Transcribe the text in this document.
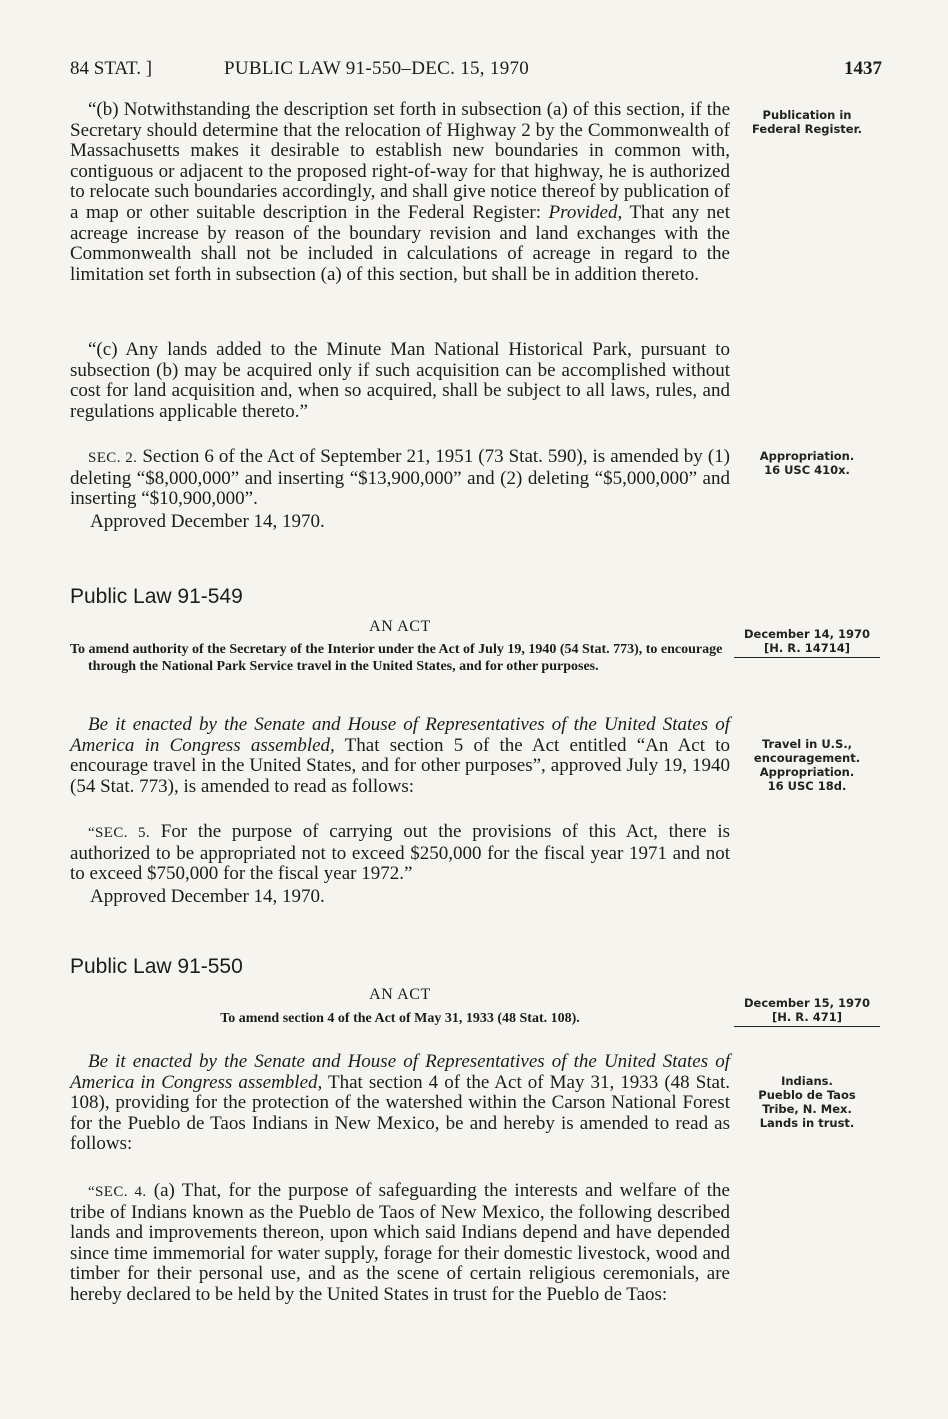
84 STAT. ]	PUBLIC LAW 91-550–DEC. 15, 1970	1437

“(b) Notwithstanding the description set forth in subsection (a) of this section, if the Secretary should determine that the relocation of Highway 2 by the Commonwealth of Massachusetts makes it desirable to establish new boundaries in common with, contiguous or adjacent to the proposed right-of-way for that highway, he is authorized to relocate such boundaries accordingly, and shall give notice thereof by publication of a map or other suitable description in the Federal Register: Provided, That any net acreage increase by reason of the boundary revision and land exchanges with the Commonwealth shall not be included in calculations of acreage in regard to the limitation set forth in subsection (a) of this section, but shall be in addition thereto.

“(c) Any lands added to the Minute Man National Historical Park, pursuant to subsection (b) may be acquired only if such acquisition can be accomplished without cost for land acquisition and, when so acquired, shall be subject to all laws, rules, and regulations applicable thereto.”

SEC. 2. Section 6 of the Act of September 21, 1951 (73 Stat. 590), is amended by (1) deleting “$8,000,000” and inserting “$13,900,000” and (2) deleting “$5,000,000” and inserting “$10,900,000”.

Approved December 14, 1970.

Public Law 91-549

AN ACT

To amend authority of the Secretary of the Interior under the Act of July 19, 1940 (54 Stat. 773), to encourage through the National Park Service travel in the United States, and for other purposes.

Be it enacted by the Senate and House of Representatives of the United States of America in Congress assembled, That section 5 of the Act entitled “An Act to encourage travel in the United States, and for other purposes”, approved July 19, 1940 (54 Stat. 773), is amended to read as follows:

“SEC. 5. For the purpose of carrying out the provisions of this Act, there is authorized to be appropriated not to exceed $250,000 for the fiscal year 1971 and not to exceed $750,000 for the fiscal year 1972.”

Approved December 14, 1970.

Public Law 91-550

AN ACT

To amend section 4 of the Act of May 31, 1933 (48 Stat. 108).

Be it enacted by the Senate and House of Representatives of the United States of America in Congress assembled, That section 4 of the Act of May 31, 1933 (48 Stat. 108), providing for the protection of the watershed within the Carson National Forest for the Pueblo de Taos Indians in New Mexico, be and hereby is amended to read as follows:

“SEC. 4. (a) That, for the purpose of safeguarding the interests and welfare of the tribe of Indians known as the Pueblo de Taos of New Mexico, the following described lands and improvements thereon, upon which said Indians depend and have depended since time immemorial for water supply, forage for their domestic livestock, wood and timber for their personal use, and as the scene of certain religious ceremonials, are hereby declared to be held by the United States in trust for the Pueblo de Taos:

Publication in
Federal Register.
Appropriation.
16 USC 410x.
December 14, 1970
[H. R. 14714]
Travel in U.S.,
encouragement.
Appropriation.
16 USC 18d.
December 15, 1970
[H. R. 471]
Indians.
Pueblo de Taos
Tribe, N. Mex.
Lands in trust.
